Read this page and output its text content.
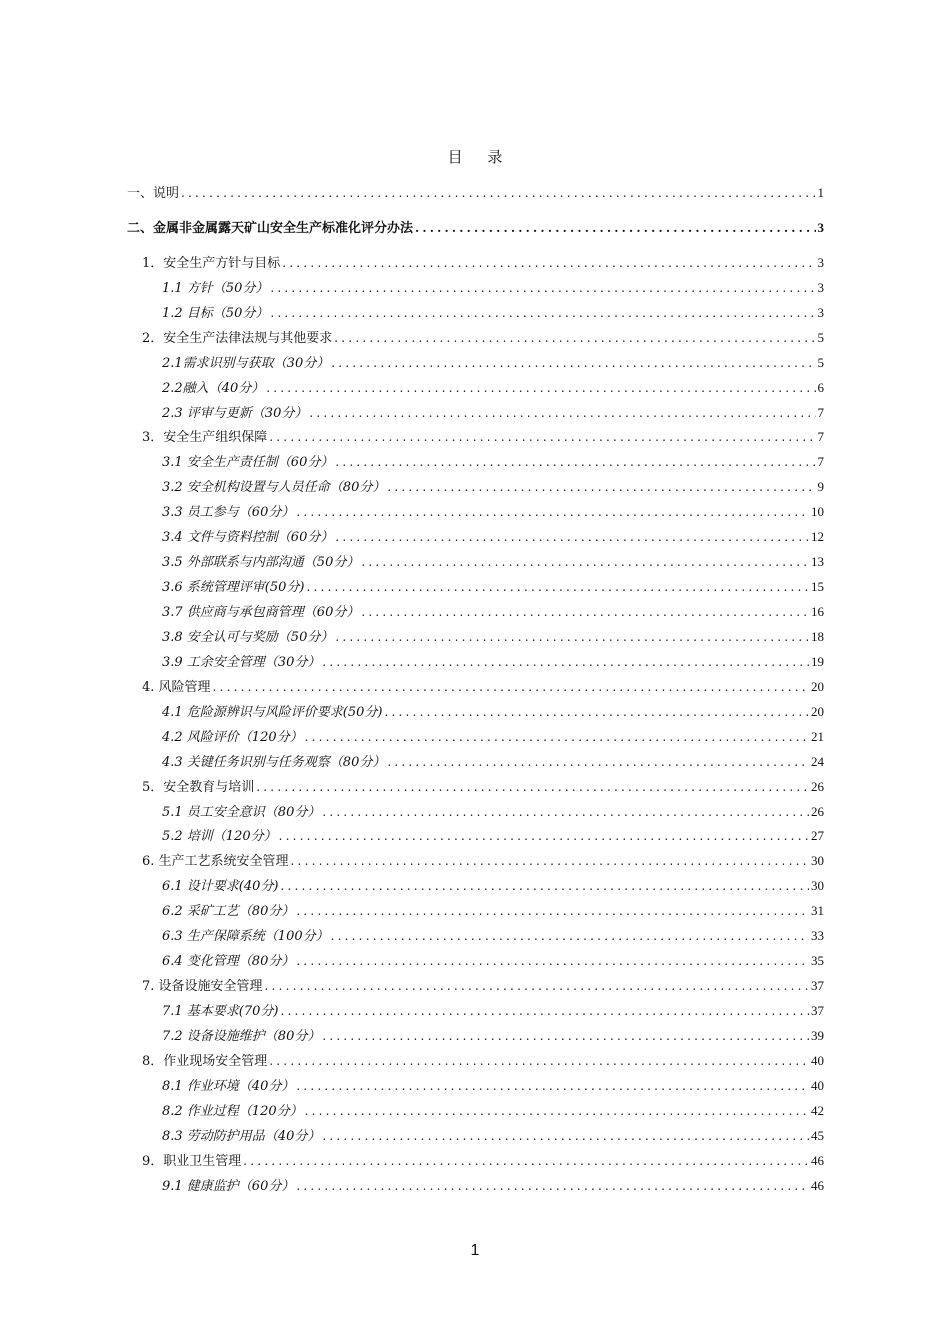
目 录
一、说明 .....	1
二、金属非金属露天矿山安全生产标准化评分办法 .....	3
1．安全生产方针与目标 .....	3
1.1 方针（50分） .....	3
1.2 目标（50分） .....	3
2．安全生产法律法规与其他要求 .....	5
2.1需求识别与获取（30分） .....	5
2.2融入（40分） .....	6
2.3 评审与更新（30分） .....	7
3．安全生产组织保障 .....	7
3.1 安全生产责任制（60分） .....	7
3.2 安全机构设置与人员任命（80分） .....	9
3.3 员工参与（60分） .....	10
3.4 文件与资料控制（60分） .....	12
3.5 外部联系与内部沟通（50分） .....	13
3.6 系统管理评审(50分) .....	15
3.7 供应商与承包商管理（60分） .....	16
3.8 安全认可与奖励（50分） .....	18
3.9 工余安全管理（30分） .....	19
4. 风险管理 .....	20
4.1 危险源辨识与风险评价要求(50分) .....	20
4.2 风险评价（120分） .....	21
4.3 关键任务识别与任务观察（80分） .....	24
5．安全教育与培训 .....	26
5.1 员工安全意识（80分） .....	26
5.2 培训（120分） .....	27
6. 生产工艺系统安全管理 .....	30
6.1 设计要求(40分) .....	30
6.2 采矿工艺（80分） .....	31
6.3 生产保障系统（100分） .....	33
6.4 变化管理（80分） .....	35
7. 设备设施安全管理 .....	37
7.1 基本要求(70分) .....	37
7.2 设备设施维护（80分） .....	39
8．作业现场安全管理 .....	40
8.1 作业环境（40分） .....	40
8.2 作业过程（120分） .....	42
8.3 劳动防护用品（40分） .....	45
9．职业卫生管理 .....	46
9.1 健康监护（60分） .....	46
1
